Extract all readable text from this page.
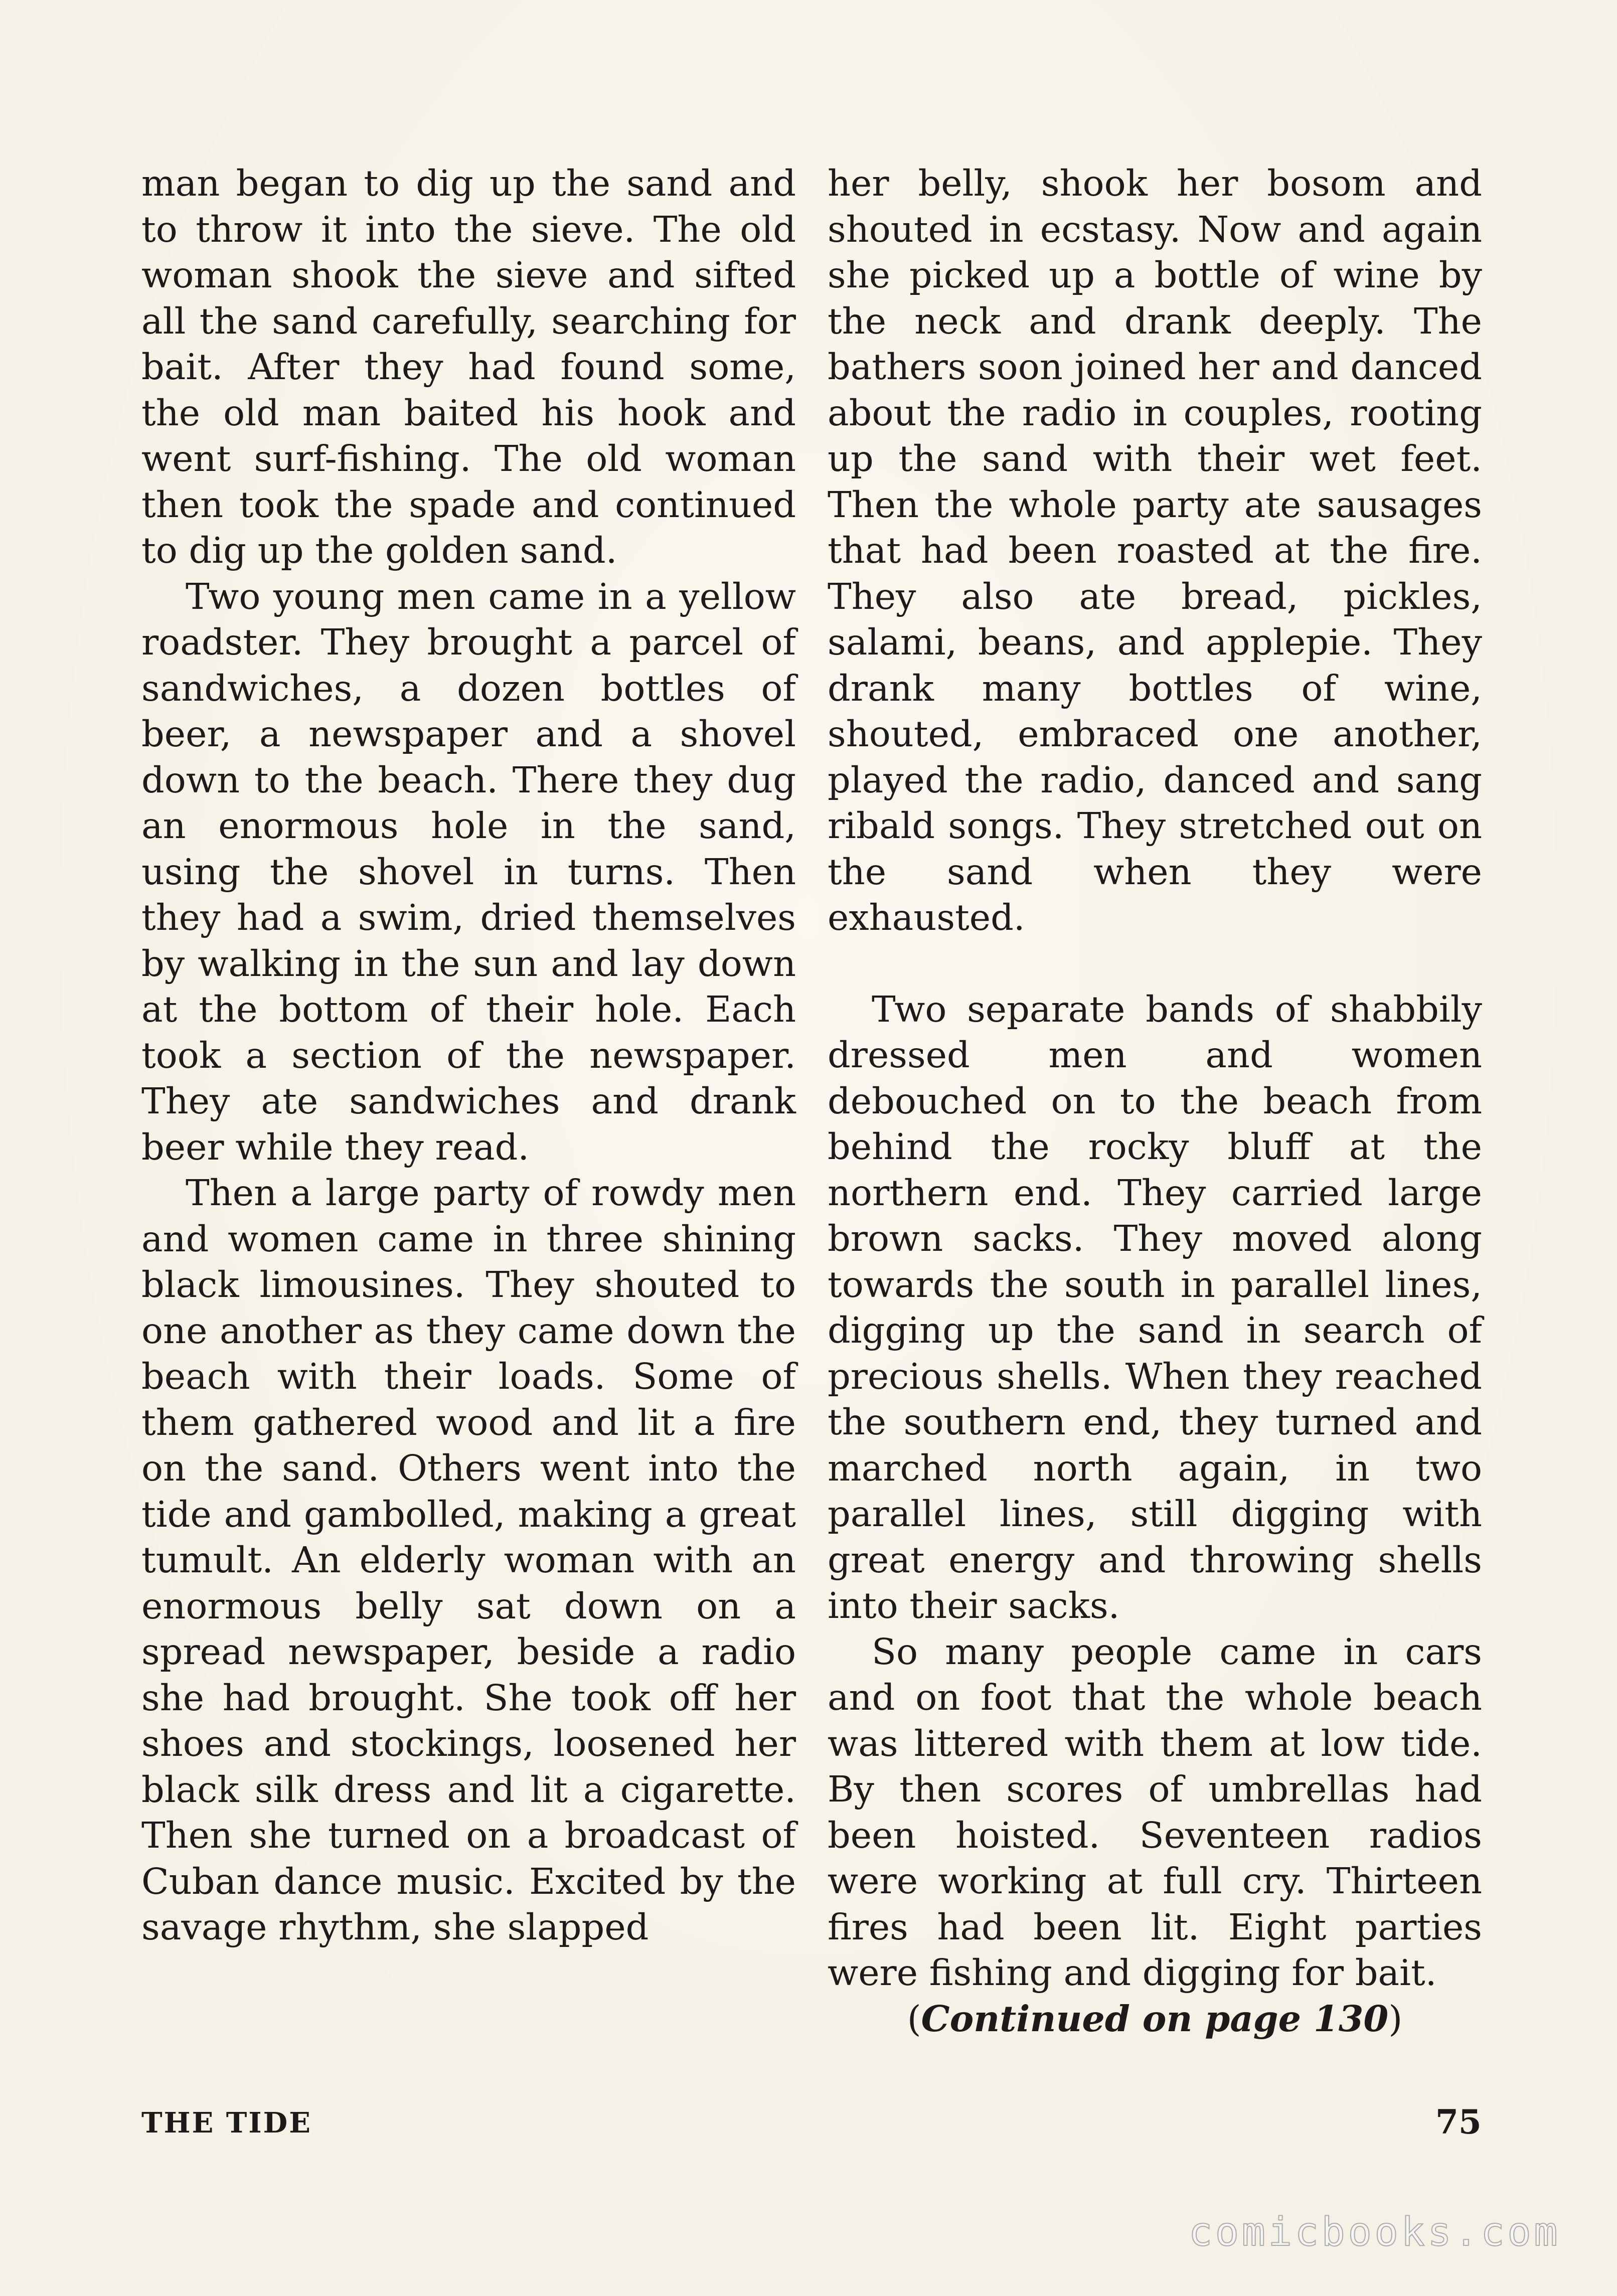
man began to dig up the sand and to throw it into the sieve. The old woman shook the sieve and sifted all the sand carefully, searching for bait. After they had found some, the old man baited his hook and went surf-fishing. The old woman then took the spade and continued to dig up the golden sand.

Two young men came in a yellow roadster. They brought a parcel of sandwiches, a dozen bottles of beer, a newspaper and a shovel down to the beach. There they dug an enormous hole in the sand, using the shovel in turns. Then they had a swim, dried themselves by walking in the sun and lay down at the bottom of their hole. Each took a section of the newspaper. They ate sandwiches and drank beer while they read.

Then a large party of rowdy men and women came in three shining black limousines. They shouted to one another as they came down the beach with their loads. Some of them gathered wood and lit a fire on the sand. Others went into the tide and gambolled, making a great tumult. An elderly woman with an enormous belly sat down on a spread newspaper, beside a radio she had brought. She took off her shoes and stockings, loosened her black silk dress and lit a cigarette. Then she turned on a broadcast of Cuban dance music. Excited by the savage rhythm, she slapped

her belly, shook her bosom and shouted in ecstasy. Now and again she picked up a bottle of wine by the neck and drank deeply. The bathers soon joined her and danced about the radio in couples, rooting up the sand with their wet feet. Then the whole party ate sausages that had been roasted at the fire. They also ate bread, pickles, salami, beans, and applepie. They drank many bottles of wine, shouted, embraced one another, played the radio, danced and sang ribald songs. They stretched out on the sand when they were exhausted.

Two separate bands of shabbily dressed men and women debouched on to the beach from behind the rocky bluff at the northern end. They carried large brown sacks. They moved along towards the south in parallel lines, digging up the sand in search of precious shells. When they reached the southern end, they turned and marched north again, in two parallel lines, still digging with great energy and throwing shells into their sacks.

So many people came in cars and on foot that the whole beach was littered with them at low tide. By then scores of umbrellas had been hoisted. Seventeen radios were working at full cry. Thirteen fires had been lit. Eight parties were fishing and digging for bait.

(Continued on page 130)
THE TIDE	75
comicbooks.com
